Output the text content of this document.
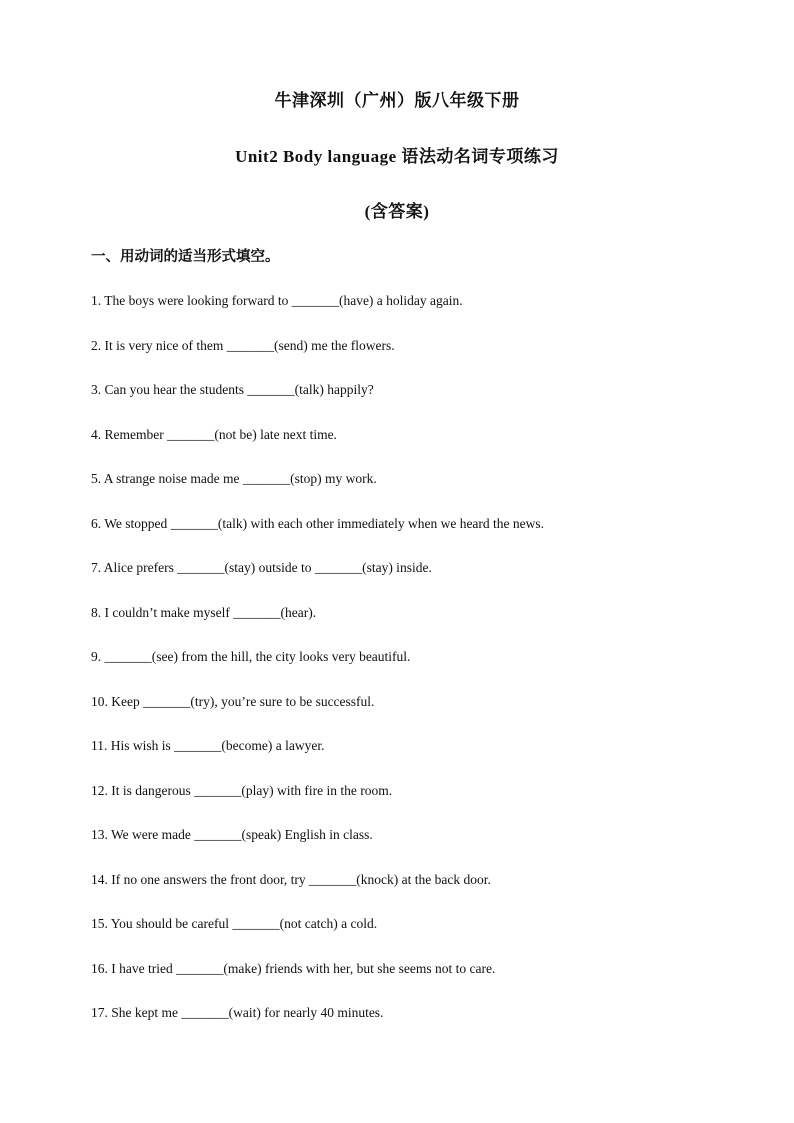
牛津深圳（广州）版八年级下册
Unit2 Body language 语法动名词专项练习
(含答案)
一、用动词的适当形式填空。
1. The boys were looking forward to _______(have) a holiday again.
2. It is very nice of them _______(send) me the flowers.
3. Can you hear the students _______(talk) happily?
4. Remember _______(not be) late next time.
5. A strange noise made me _______(stop) my work.
6. We stopped _______(talk) with each other immediately when we heard the news.
7. Alice prefers _______(stay) outside to _______(stay) inside.
8. I couldn’t make myself _______(hear).
9. _______(see) from the hill, the city looks very beautiful.
10. Keep _______(try), you’re sure to be successful.
11. His wish is _______(become) a lawyer.
12. It is dangerous _______(play) with fire in the room.
13. We were made _______(speak) English in class.
14. If no one answers the front door, try _______(knock) at the back door.
15. You should be careful _______(not catch) a cold.
16. I have tried _______(make) friends with her, but she seems not to care.
17. She kept me _______(wait) for nearly 40 minutes.
